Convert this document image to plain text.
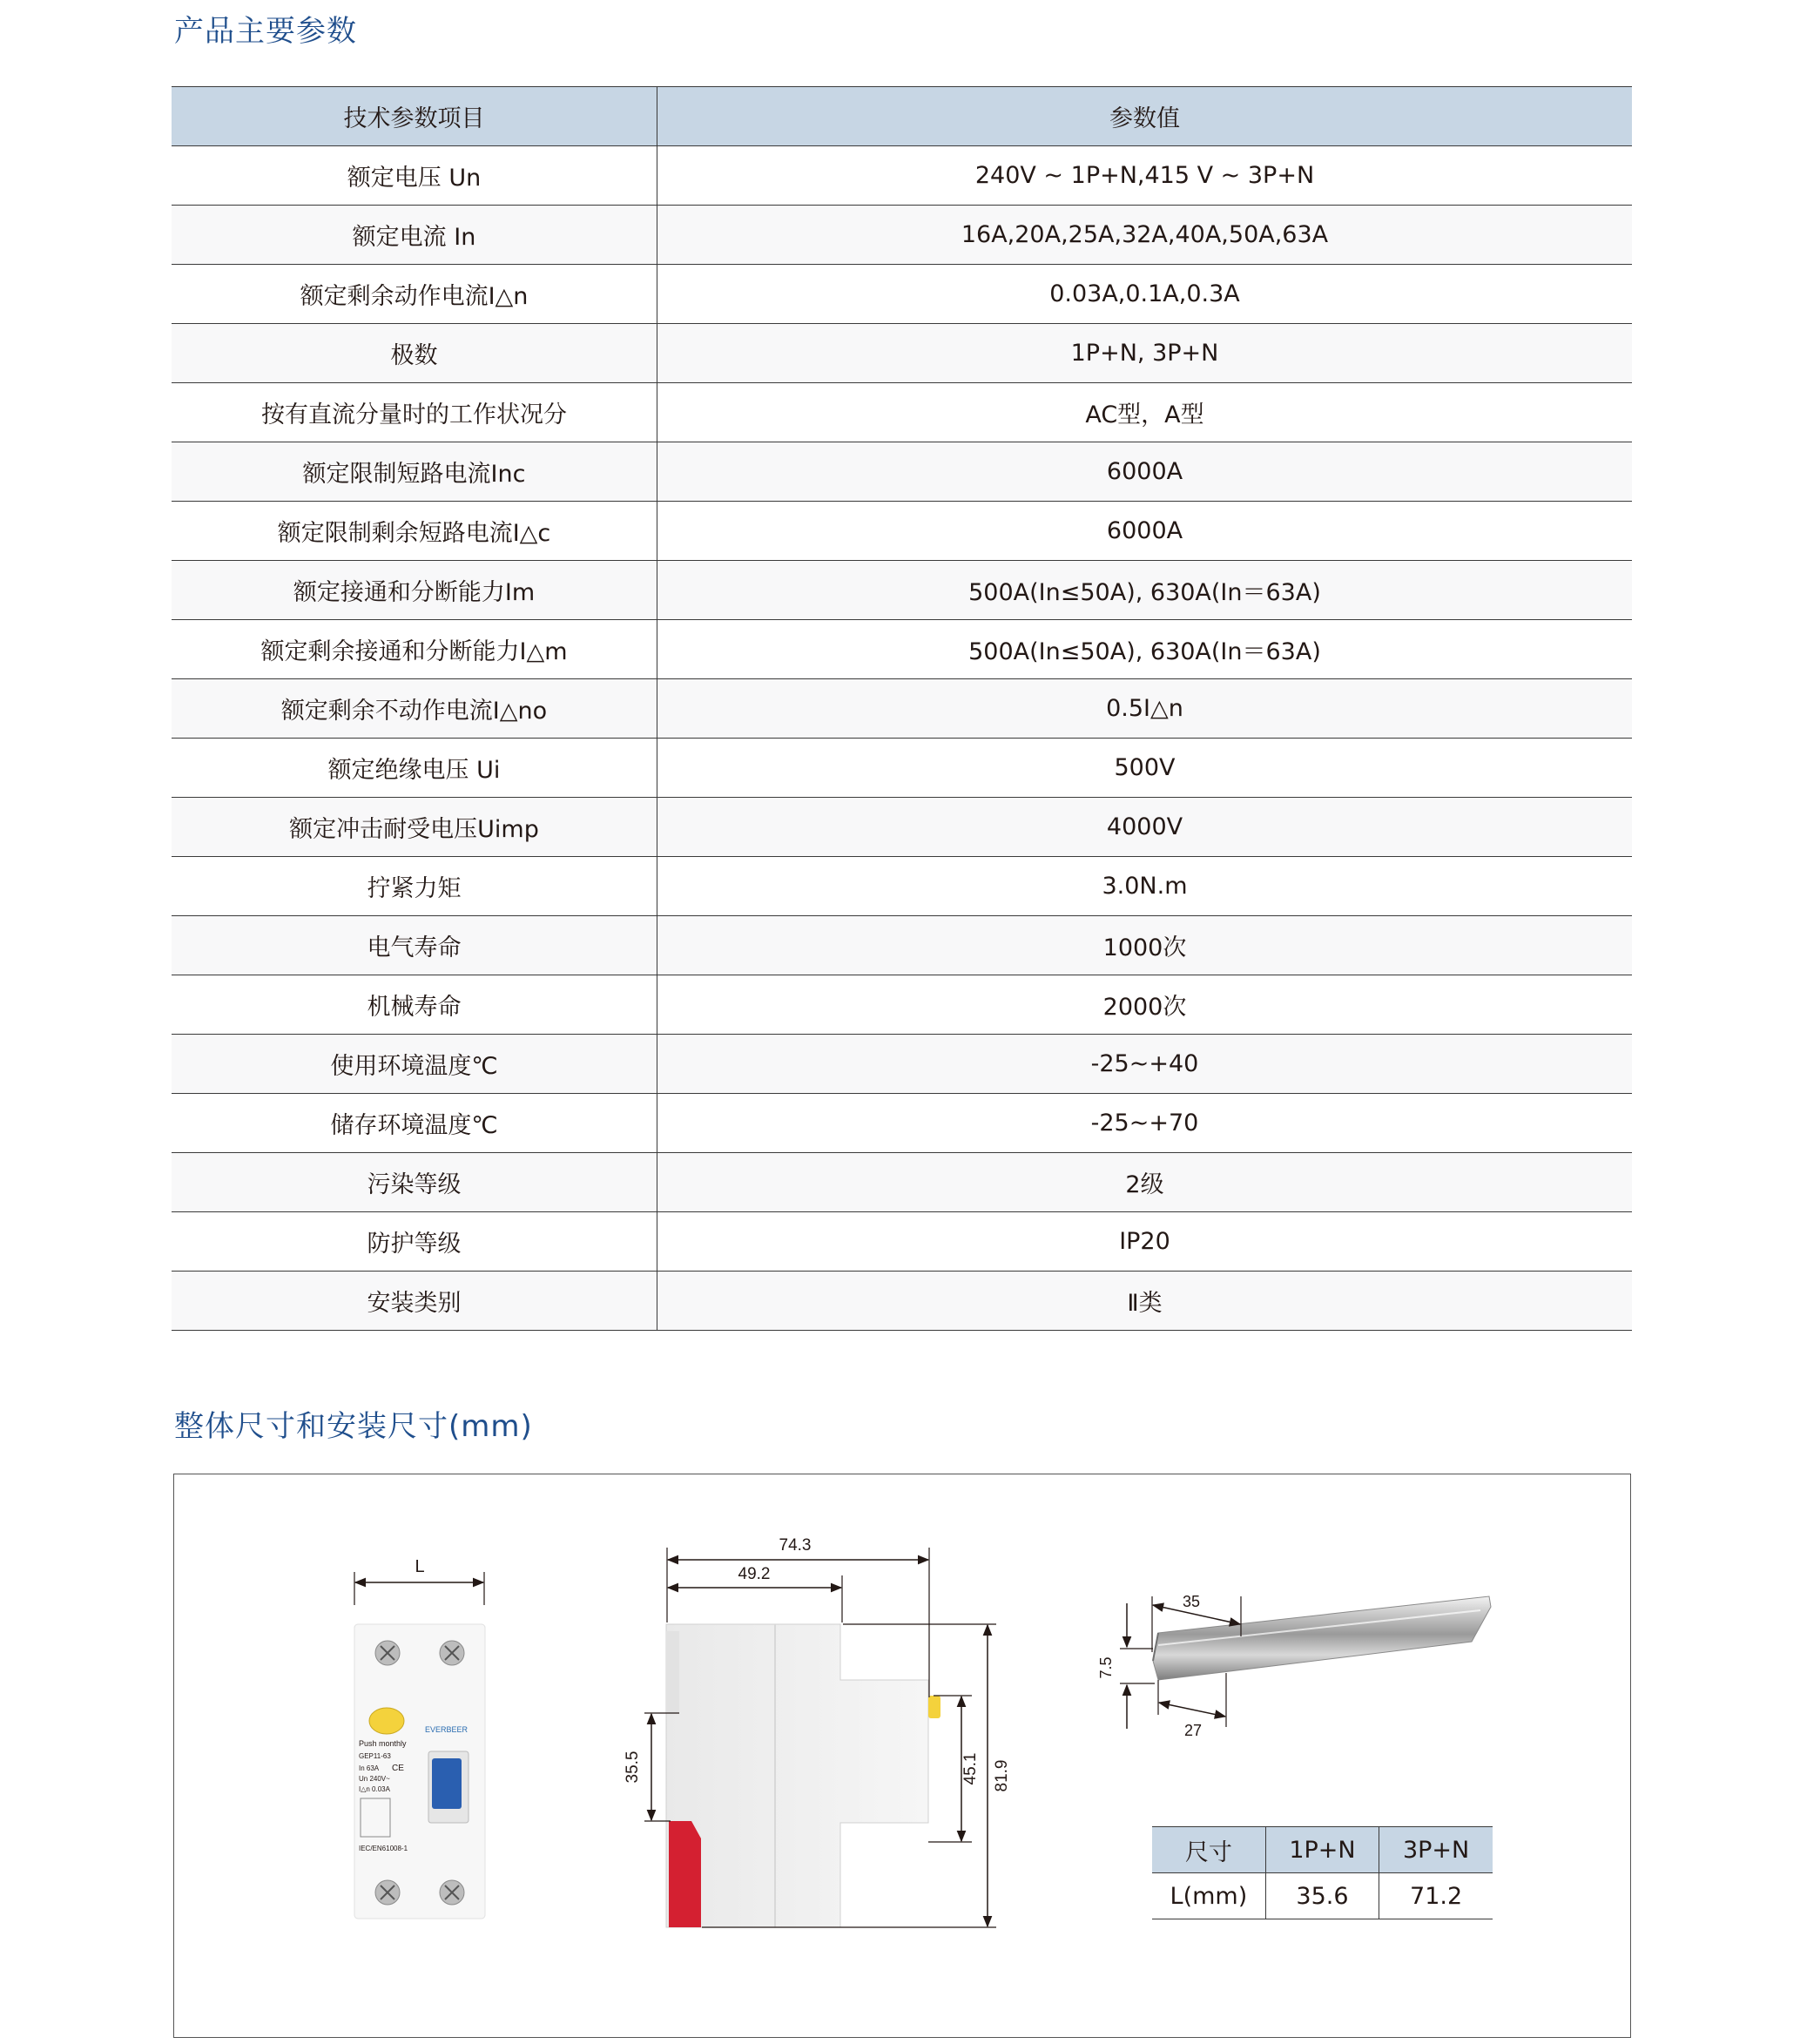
产品主要参数
技术参数项目	参数值
额定电压 Un	240V ~ 1P+N,415 V ~ 3P+N
额定电流 In	16A,20A,25A,32A,40A,50A,63A
额定剩余动作电流I△n	0.03A,0.1A,0.3A
极数	1P+N, 3P+N
按有直流分量时的工作状况分	AC型，A型
额定限制短路电流Inc	6000A
额定限制剩余短路电流I△c	6000A
额定接通和分断能力Im	500A(In≤50A), 630A(In＝63A)
额定剩余接通和分断能力I△m	500A(In≤50A), 630A(In＝63A)
额定剩余不动作电流I△no	0.5I△n
额定绝缘电压 Ui	500V
额定冲击耐受电压Uimp	4000V
拧紧力矩	3.0N.m
电气寿命	1000次
机械寿命	2000次
使用环境温度℃	-25~+40
储存环境温度℃	-25~+70
污染等级	2级
防护等级	IP20
安装类别	Ⅱ类
整体尺寸和安装尺寸(mm)
L
EVERBEER
Push monthly
GEP11-63
In 63A
Un 240V~
I△n 0.03A
CE
IEC/EN61008-1
74.3
49.2
35.5	45.1 81.9
35
27
7.5
尺寸	1P+N	3P+N
L(mm)	35.6	71.2
